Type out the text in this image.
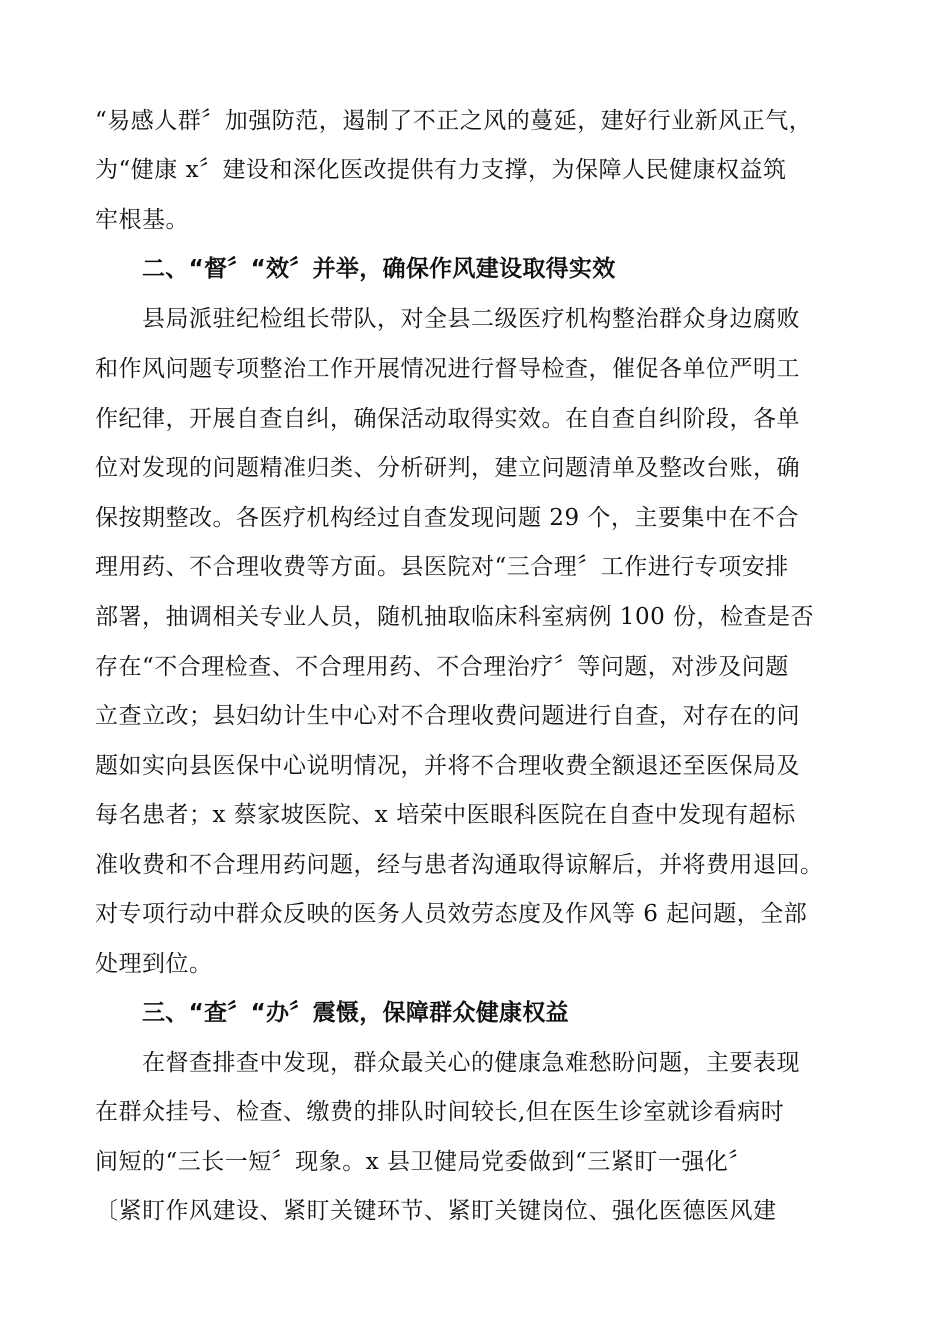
“易感人群〞加强防范，遏制了不正之风的蔓延，建好行业新风正气，
为“健康 x〞建设和深化医改提供有力支撑，为保障人民健康权益筑
牢根基。
二、“督〞“效〞并举，确保作风建设取得实效
县局派驻纪检组长带队，对全县二级医疗机构整治群众身边腐败
和作风问题专项整治工作开展情况进行督导检查，催促各单位严明工
作纪律，开展自查自纠，确保活动取得实效。在自查自纠阶段，各单
位对发现的问题精准归类、分析研判，建立问题清单及整改台账，确
保按期整改。各医疗机构经过自查发现问题 29 个，主要集中在不合
理用药、不合理收费等方面。县医院对“三合理〞工作进行专项安排
部署，抽调相关专业人员，随机抽取临床科室病例 100 份，检查是否
存在“不合理检查、不合理用药、不合理治疗〞等问题，对涉及问题
立查立改；县妇幼计生中心对不合理收费问题进行自查，对存在的问
题如实向县医保中心说明情况，并将不合理收费全额退还至医保局及
每名患者；x 蔡家坡医院、x 培荣中医眼科医院在自查中发现有超标
准收费和不合理用药问题，经与患者沟通取得谅解后，并将费用退回。
对专项行动中群众反映的医务人员效劳态度及作风等 6 起问题，全部
处理到位。
三、“查〞“办〞震慑，保障群众健康权益
在督查排查中发现，群众最关心的健康急难愁盼问题，主要表现
在群众挂号、检查、缴费的排队时间较长,但在医生诊室就诊看病时
间短的“三长一短〞现象。x 县卫健局党委做到“三紧盯一强化〞
〔紧盯作风建设、紧盯关键环节、紧盯关键岗位、强化医德医风建
